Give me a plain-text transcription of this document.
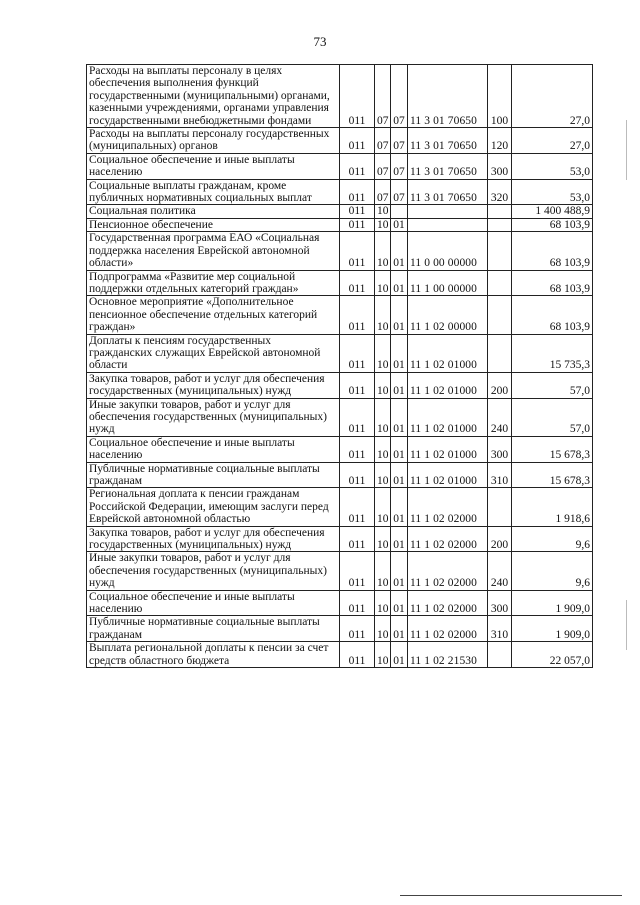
73
Расходы на выплаты персоналу в целях обеспечения выполнения функций государственными (муниципальными) органами, казенными учреждениями, органами управления государственными внебюджетными фондами	011	07	07	11 3 01 70650	100	27,0
Расходы на выплаты персоналу государственных (муниципальных) органов	011	07	07	11 3 01 70650	120	27,0
Социальное обеспечение и иные выплаты населению	011	07	07	11 3 01 70650	300	53,0
Социальные выплаты гражданам, кроме публичных нормативных социальных выплат	011	07	07	11 3 01 70650	320	53,0
Социальная политика	011	10				1 400 488,9
Пенсионное обеспечение	011	10	01			68 103,9
Государственная программа ЕАО «Социальная поддержка населения Еврейской автономной области»	011	10	01	11 0 00 00000		68 103,9
Подпрограмма «Развитие мер социальной поддержки отдельных категорий граждан»	011	10	01	11 1 00 00000		68 103,9
Основное мероприятие «Дополнительное пенсионное обеспечение отдельных категорий граждан»	011	10	01	11 1 02 00000		68 103,9
Доплаты к пенсиям государственных гражданских служащих Еврейской автономной области	011	10	01	11 1 02 01000		15 735,3
Закупка товаров, работ и услуг для обеспечения государственных (муниципальных) нужд	011	10	01	11 1 02 01000	200	57,0
Иные закупки товаров, работ и услуг для обеспечения государственных (муниципальных) нужд	011	10	01	11 1 02 01000	240	57,0
Социальное обеспечение и иные выплаты населению	011	10	01	11 1 02 01000	300	15 678,3
Публичные нормативные социальные выплаты гражданам	011	10	01	11 1 02 01000	310	15 678,3
Региональная доплата к пенсии гражданам Российской Федерации, имеющим заслуги перед Еврейской автономной областью	011	10	01	11 1 02 02000		1 918,6
Закупка товаров, работ и услуг для обеспечения государственных (муниципальных) нужд	011	10	01	11 1 02 02000	200	9,6
Иные закупки товаров, работ и услуг для обеспечения государственных (муниципальных) нужд	011	10	01	11 1 02 02000	240	9,6
Социальное обеспечение и иные выплаты населению	011	10	01	11 1 02 02000	300	1 909,0
Публичные нормативные социальные выплаты гражданам	011	10	01	11 1 02 02000	310	1 909,0
Выплата региональной доплаты к пенсии за счет средств областного бюджета	011	10	01	11 1 02 21530		22 057,0
